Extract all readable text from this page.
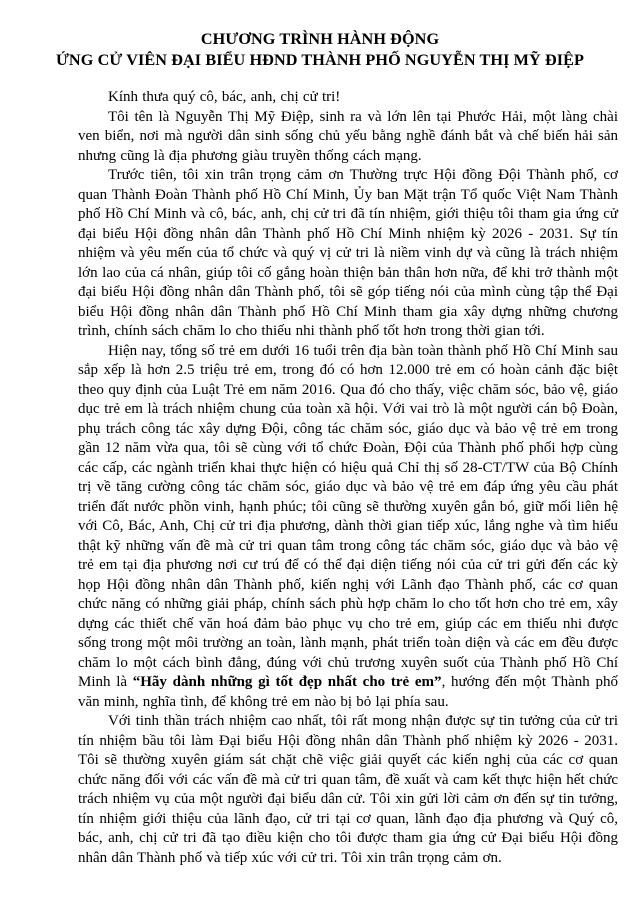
CHƯƠNG TRÌNH HÀNH ĐỘNG
ỨNG CỬ VIÊN ĐẠI BIỂU HĐND THÀNH PHỐ NGUYỄN THỊ MỸ ĐIỆP

Kính thưa quý cô, bác, anh, chị cử tri!

Tôi tên là Nguyễn Thị Mỹ Điệp, sinh ra và lớn lên tại Phước Hải, một làng chài ven biển, nơi mà người dân sinh sống chủ yếu bằng nghề đánh bắt và chế biến hải sản nhưng cũng là địa phương giàu truyền thống cách mạng.

Trước tiên, tôi xin trân trọng cảm ơn Thường trực Hội đồng Đội Thành phố, cơ quan Thành Đoàn Thành phố Hồ Chí Minh, Ủy ban Mặt trận Tổ quốc Việt Nam Thành phố Hồ Chí Minh và cô, bác, anh, chị cử tri đã tín nhiệm, giới thiệu tôi tham gia ứng cử đại biểu Hội đồng nhân dân Thành phố Hồ Chí Minh nhiệm kỳ 2026 - 2031. Sự tín nhiệm và yêu mến của tổ chức và quý vị cử tri là niềm vinh dự và cũng là trách nhiệm lớn lao của cá nhân, giúp tôi cố gắng hoàn thiện bản thân hơn nữa, để khi trở thành một đại biểu Hội đồng nhân dân Thành phố, tôi sẽ góp tiếng nói của mình cùng tập thể Đại biểu Hội đồng nhân dân Thành phố Hồ Chí Minh tham gia xây dựng những chương trình, chính sách chăm lo cho thiếu nhi thành phố tốt hơn trong thời gian tới.

Hiện nay, tổng số trẻ em dưới 16 tuổi trên địa bàn toàn thành phố Hồ Chí Minh sau sắp xếp là hơn 2.5 triệu trẻ em, trong đó có hơn 12.000 trẻ em có hoàn cảnh đặc biệt theo quy định của Luật Trẻ em năm 2016. Qua đó cho thấy, việc chăm sóc, bảo vệ, giáo dục trẻ em là trách nhiệm chung của toàn xã hội. Với vai trò là một người cán bộ Đoàn, phụ trách công tác xây dựng Đội, công tác chăm sóc, giáo dục và bảo vệ trẻ em trong gần 12 năm vừa qua, tôi sẽ cùng với tổ chức Đoàn, Đội của Thành phố phối hợp cùng các cấp, các ngành triển khai thực hiện có hiệu quả Chỉ thị số 28-CT/TW của Bộ Chính trị về tăng cường công tác chăm sóc, giáo dục và bảo vệ trẻ em đáp ứng yêu cầu phát triển đất nước phồn vinh, hạnh phúc; tôi cũng sẽ thường xuyên gắn bó, giữ mối liên hệ với Cô, Bác, Anh, Chị cử tri địa phương, dành thời gian tiếp xúc, lắng nghe và tìm hiểu thật kỹ những vấn đề mà cử tri quan tâm trong công tác chăm sóc, giáo dục và bảo vệ trẻ em tại địa phương nơi cư trú để có thể đại diện tiếng nói của cử tri gửi đến các kỳ họp Hội đồng nhân dân Thành phố, kiến nghị với Lãnh đạo Thành phố, các cơ quan chức năng có những giải pháp, chính sách phù hợp chăm lo cho tốt hơn cho trẻ em, xây dựng các thiết chế văn hoá đảm bảo phục vụ cho trẻ em, giúp các em thiếu nhi được sống trong một môi trường an toàn, lành mạnh, phát triển toàn diện và các em đều được chăm lo một cách bình đẳng, đúng với chủ trương xuyên suốt của Thành phố Hồ Chí Minh là “Hãy dành những gì tốt đẹp nhất cho trẻ em”, hướng đến một Thành phố văn minh, nghĩa tình, để không trẻ em nào bị bỏ lại phía sau.

Với tinh thần trách nhiệm cao nhất, tôi rất mong nhận được sự tin tưởng của cử tri tín nhiệm bầu tôi làm Đại biểu Hội đồng nhân dân Thành phố nhiệm kỳ 2026 - 2031. Tôi sẽ thường xuyên giám sát chặt chẽ việc giải quyết các kiến nghị của các cơ quan chức năng đối với các vấn đề mà cử tri quan tâm, đề xuất và cam kết thực hiện hết chức trách nhiệm vụ của một người đại biểu dân cử. Tôi xin gửi lời cảm ơn đến sự tin tưởng, tín nhiệm giới thiệu của lãnh đạo, cử tri tại cơ quan, lãnh đạo địa phương và Quý cô, bác, anh, chị cử tri đã tạo điều kiện cho tôi được tham gia ứng cử Đại biểu Hội đồng nhân dân Thành phố và tiếp xúc với cử tri. Tôi xin trân trọng cảm ơn.
